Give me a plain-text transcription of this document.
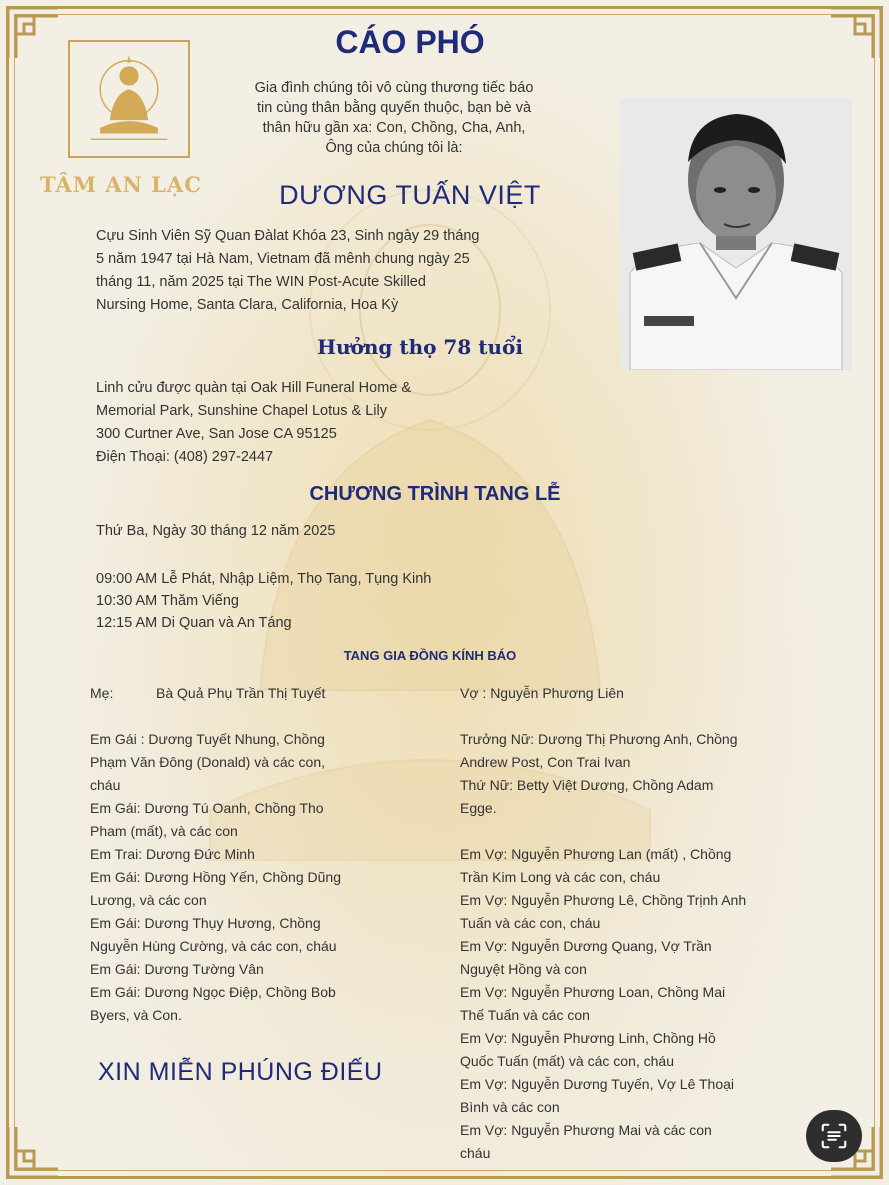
TÂM AN LẠC
CÁO PHÓ
Gia đình chúng tôi vô cùng thương tiếc báo
tin cùng thân bằng quyến thuộc, bạn bè và
thân hữu gần xa: Con, Chồng, Cha, Anh,
Ông của chúng tôi là:
DƯƠNG TUẤN VIỆT
Cựu Sinh Viên Sỹ Quan Đàlat Khóa 23, Sinh ngày 29 tháng
5 năm 1947 tại Hà Nam, Vietnam đã mênh chung ngày 25
tháng 11, năm 2025 tại The WIN Post-Acute Skilled
Nursing Home, Santa Clara, California, Hoa Kỳ
Hưởng thọ 78 tuổi
Linh cửu được quàn tại Oak Hill Funeral Home &
Memorial Park, Sunshine Chapel Lotus & Lily
300 Curtner Ave, San Jose CA 95125
Điện Thoại: (408) 297-2447
CHƯƠNG TRÌNH TANG LỄ
Thứ Ba, Ngày 30 tháng 12 năm 2025
09:00 AM Lễ Phát, Nhập Liệm, Thọ Tang, Tụng Kinh
10:30 AM Thăm Viếng
12:15 AM Di Quan và An Táng
TANG GIA ĐỒNG KÍNH BÁO
Mẹ:	Bà Quả Phụ Trần Thị Tuyết

Em Gái : Dương Tuyết Nhung, Chồng

Phạm Văn Đông (Donald) và các con,

cháu

Em Gái: Dương Tú Oanh, Chồng Tho

Pham (mất), và các con

Em Trai: Dương Đức Minh

Em Gái: Dương Hồng Yến, Chồng Dũng

Lương, và các con

Em Gái: Dương Thụy Hương, Chồng

Nguyễn Hùng Cường, và các con, cháu

Em Gái: Dương Tường Vân

Em Gái: Dương Ngọc Điệp, Chồng Bob

Byers, và Con.

Vợ : Nguyễn Phương Liên

Trưởng Nữ: Dương Thị Phương Anh, Chồng

Andrew Post, Con Trai Ivan

Thứ Nữ: Betty Việt Dương, Chồng Adam

Egge.

Em Vợ: Nguyễn Phương Lan (mất) , Chồng

Trần Kim Long và các con, cháu

Em Vợ: Nguyễn Phương Lê, Chồng Trịnh Anh

Tuấn và các con, cháu

Em Vợ: Nguyễn Dương Quang, Vợ Trần

Nguyệt Hồng và con

Em Vợ: Nguyễn Phương Loan, Chồng Mai

Thế Tuấn và các con

Em Vợ: Nguyễn Phương Linh, Chồng Hồ

Quốc Tuấn (mất) và các con, cháu

Em Vợ: Nguyễn Dương Tuyến, Vợ Lê Thoại

Bình và các con

Em Vợ: Nguyễn Phương Mai và các con

cháu

XIN MIỄN PHÚNG ĐIẾU
